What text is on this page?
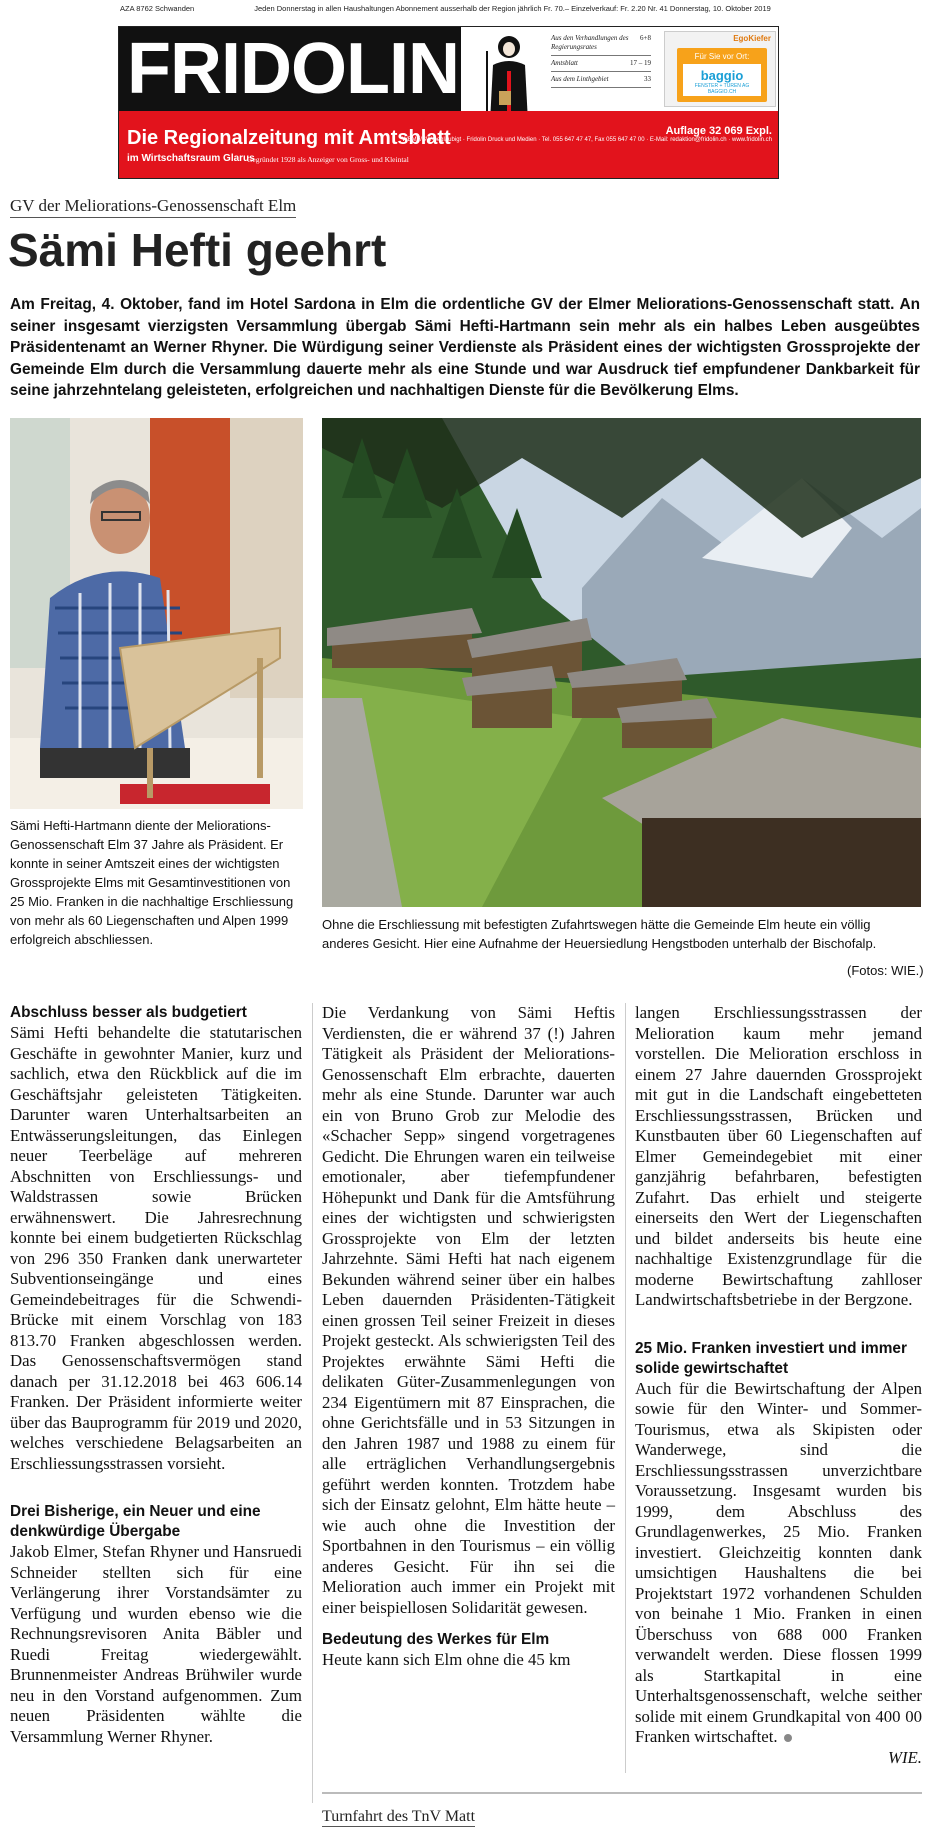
AZA 8762 Schwanden	Jeden Donnerstag in allen Haushaltungen Abonnement ausserhalb der Region jährlich Fr. 70.– Einzelverkauf: Fr. 2.20 Nr. 41 Donnerstag, 10. Oktober 2019
FRIDOLIN	Aus den Verhandlungen des Regierungsrates
6+8
Amtsblatt	17 – 19
Aus dem Linthgebiet	33
EgoKiefer
Für Sie vor Ort:
baggio
FENSTER + TÜREN AG
BAGGIO.CH
Die Regionalzeitung mit Amtsblatt
im Wirtschaftsraum Glarus
Gegründet 1928 als Anzeiger von Gross- und Kleintal
Auflage 32 069 Expl.
WEMF/SW-beglaubigt · Fridolin Druck und Medien · Tel. 055 647 47 47, Fax 055 647 47 00 · E-Mail: redaktion@fridolin.ch · www.fridolin.ch
GV der Meliorations-Genossenschaft Elm
Sämi Hefti geehrt

Am Freitag, 4. Oktober, fand im Hotel Sardona in Elm die ordentliche GV der Elmer Meliorations-Genossenschaft statt. An seiner insgesamt vierzigsten Versammlung übergab Sämi Hefti-Hartmann sein mehr als ein halbes Leben ausgeübtes Präsidentenamt an Werner Rhyner. Die Würdigung seiner Verdienste als Präsident eines der wichtigsten Grossprojekte der Gemeinde Elm durch die Versammlung dauerte mehr als eine Stunde und war Ausdruck tief empfundener Dankbarkeit für seine jahrzehntelang geleisteten, erfolgreichen und nachhaltigen Dienste für die Bevölkerung Elms.

Sämi Hefti-Hartmann diente der Meliorations-Genossenschaft Elm 37 Jahre als Präsident. Er konnte in seiner Amtszeit eines der wichtigsten Grossprojekte Elms mit Gesamtinvestitionen von 25 Mio. Franken in die nachhaltige Erschliessung von mehr als 60 Liegenschaften und Alpen 1999 erfolgreich abschliessen.

Ohne die Erschliessung mit befestigten Zufahrtswegen hätte die Gemeinde Elm heute ein völlig anderes Gesicht. Hier eine Aufnahme der Heuersiedlung Hengstboden unterhalb der Bischofalp.

(Fotos: WIE.)
Abschluss besser als budgetiert

Sämi Hefti behandelte die statutarischen Geschäfte in gewohnter Manier, kurz und sachlich, etwa den Rückblick auf die im Geschäftsjahr geleisteten Tätigkeiten. Darunter waren Unterhaltsarbeiten an Entwässerungsleitungen, das Einlegen neuer Teerbeläge auf mehreren Abschnitten von Erschliessungs- und Waldstrassen sowie Brücken erwähnenswert. Die Jahresrechnung konnte bei einem budgetierten Rückschlag von 296 350 Franken dank unerwarteter Subventionseingänge und eines Gemeindebeitrages für die Schwendi-Brücke mit einem Vorschlag von 183 813.70 Franken abgeschlossen werden. Das Genossenschaftsvermögen stand danach per 31.12.2018 bei 463 606.14 Franken. Der Präsident informierte weiter über das Bauprogramm für 2019 und 2020, welches verschiedene Belagsarbeiten an Erschliessungsstrassen vorsieht.

Drei Bisherige, ein Neuer und eine denkwürdige Übergabe

Jakob Elmer, Stefan Rhyner und Hansruedi Schneider stellten sich für eine Verlängerung ihrer Vorstandsämter zu Verfügung und wurden ebenso wie die Rechnungsrevisoren Anita Bäbler und Ruedi Freitag wiedergewählt. Brunnenmeister Andreas Brühwiler wurde neu in den Vorstand aufgenommen. Zum neuen Präsidenten wählte die Versammlung Werner Rhyner.

Die Verdankung von Sämi Heftis Verdiensten, die er während 37 (!) Jahren Tätigkeit als Präsident der Meliorations-Genossenschaft Elm erbrachte, dauerten mehr als eine Stunde. Darunter war auch ein von Bruno Grob zur Melodie des «Schacher Sepp» singend vorgetragenes Gedicht. Die Ehrungen waren ein teilweise emotionaler, aber tiefempfundener Höhepunkt und Dank für die Amtsführung eines der wichtigsten und schwierigsten Grossprojekte von Elm der letzten Jahrzehnte. Sämi Hefti hat nach eigenem Bekunden während seiner über ein halbes Leben dauernden Präsidenten-Tätigkeit einen grossen Teil seiner Freizeit in dieses Projekt gesteckt. Als schwierigsten Teil des Projektes erwähnte Sämi Hefti die delikaten Güter-Zusammenlegungen von 234 Eigentümern mit 87 Einsprachen, die ohne Gerichtsfälle und in 53 Sitzungen in den Jahren 1987 und 1988 zu einem für alle erträglichen Verhandlungsergebnis geführt werden konnten. Trotzdem habe sich der Einsatz gelohnt, Elm hätte heute – wie auch ohne die Investition der Sportbahnen in den Tourismus – ein völlig anderes Gesicht. Für ihn sei die Melioration auch immer ein Projekt mit einer beispiellosen Solidarität gewesen.

Bedeutung des Werkes für Elm

Heute kann sich Elm ohne die 45 km

langen Erschliessungsstrassen der Melioration kaum mehr jemand vorstellen. Die Melioration erschloss in einem 27 Jahre dauernden Grossprojekt mit gut in die Landschaft eingebetteten Erschliessungsstrassen, Brücken und Kunstbauten über 60 Liegenschaften auf Elmer Gemeindegebiet mit einer ganzjährig befahrbaren, befestigten Zufahrt. Das erhielt und steigerte einerseits den Wert der Liegenschaften und bildet anderseits bis heute eine nachhaltige Existenzgrundlage für die moderne Bewirtschaftung zahlloser Landwirtschaftsbetriebe in der Bergzone.

25 Mio. Franken investiert und immer solide gewirtschaftet

Auch für die Bewirtschaftung der Alpen sowie für den Winter- und Sommer-Tourismus, etwa als Skipisten oder Wanderwege, sind die Erschliessungsstrassen unverzichtbare Voraussetzung. Insgesamt wurden bis 1999, dem Abschluss des Grundlagenwerkes, 25 Mio. Franken investiert. Gleichzeitig konnten dank umsichtigen Haushaltens die bei Projektstart 1972 vorhandenen Schulden von beinahe 1 Mio. Franken in einen Überschuss von 688 000 Franken verwandelt werden. Diese flossen 1999 als Startkapital in eine Unterhaltsgenossenschaft, welche seither solide mit einem Grundkapital von 400 00 Franken wirtschaftet.

WIE.
Turnfahrt des TnV Matt
